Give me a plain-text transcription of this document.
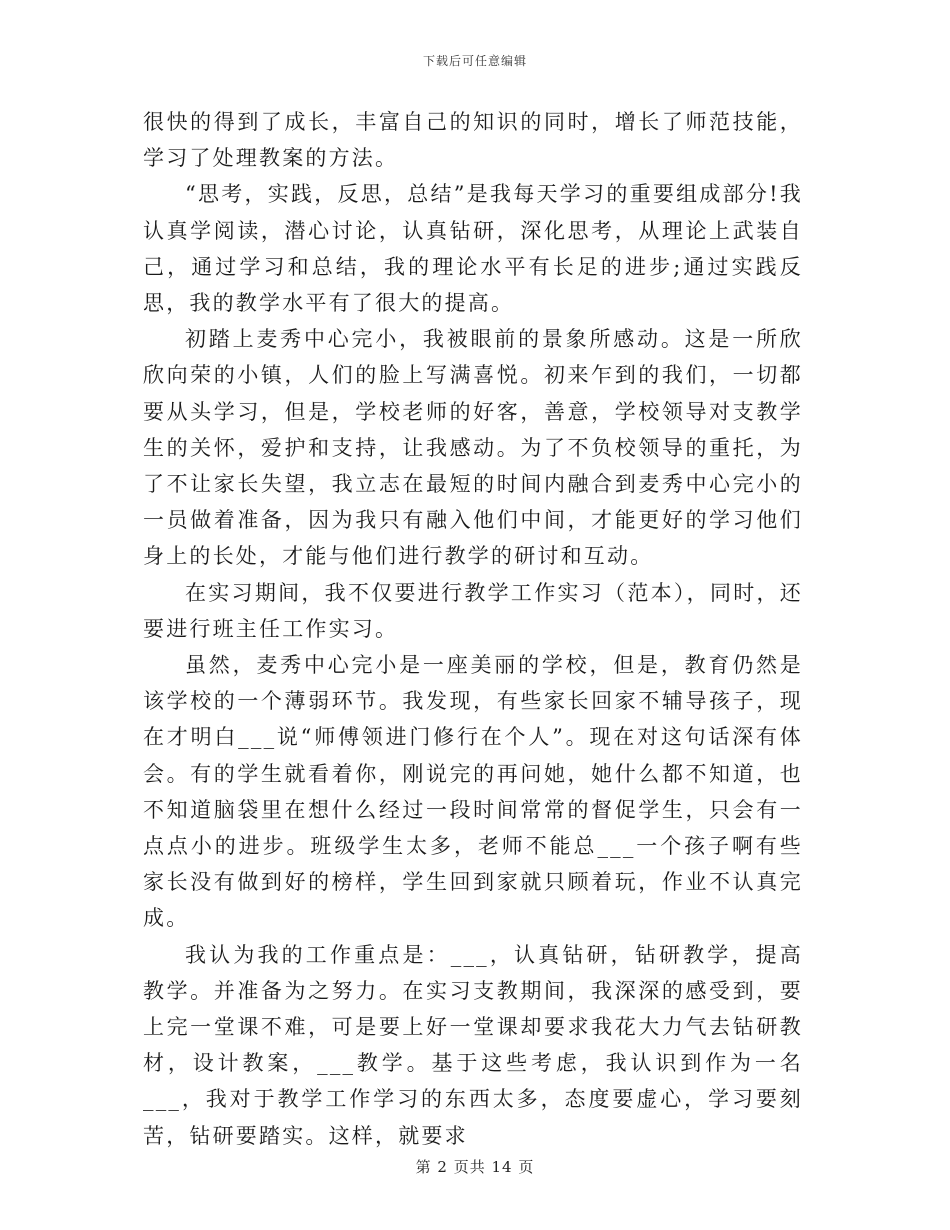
下载后可任意编辑

很快的得到了成长，丰富自己的知识的同时，增长了师范技能，学习了处理教案的方法。

“思考，实践，反思，总结”是我每天学习的重要组成部分!我认真学阅读，潜心讨论，认真钻研，深化思考，从理论上武装自己，通过学习和总结，我的理论水平有长足的进步;通过实践反思，我的教学水平有了很大的提高。

初踏上麦秀中心完小，我被眼前的景象所感动。这是一所欣欣向荣的小镇，人们的脸上写满喜悦。初来乍到的我们，一切都要从头学习，但是，学校老师的好客，善意，学校领导对支教学生的关怀，爱护和支持，让我感动。为了不负校领导的重托，为了不让家长失望，我立志在最短的时间内融合到麦秀中心完小的一员做着准备，因为我只有融入他们中间，才能更好的学习他们身上的长处，才能与他们进行教学的研讨和互动。

在实习期间，我不仅要进行教学工作实习（范本），同时，还要进行班主任工作实习。

虽然，麦秀中心完小是一座美丽的学校，但是，教育仍然是该学校的一个薄弱环节。我发现，有些家长回家不辅导孩子，现在才明白___说“师傅领进门修行在个人”。现在对这句话深有体会。有的学生就看着你，刚说完的再问她，她什么都不知道，也不知道脑袋里在想什么经过一段时间常常的督促学生，只会有一点点小的进步。班级学生太多，老师不能总___一个孩子啊有些家长没有做到好的榜样，学生回到家就只顾着玩，作业不认真完成。

我认为我的工作重点是：___，认真钻研，钻研教学，提高教学。并准备为之努力。在实习支教期间，我深深的感受到，要上完一堂课不难，可是要上好一堂课却要求我花大力气去钻研教材，设计教案，___教学。基于这些考虑，我认识到作为一名___，我对于教学工作学习的东西太多，态度要虚心，学习要刻苦，钻研要踏实。这样，就要求

第 2 页共 14 页
